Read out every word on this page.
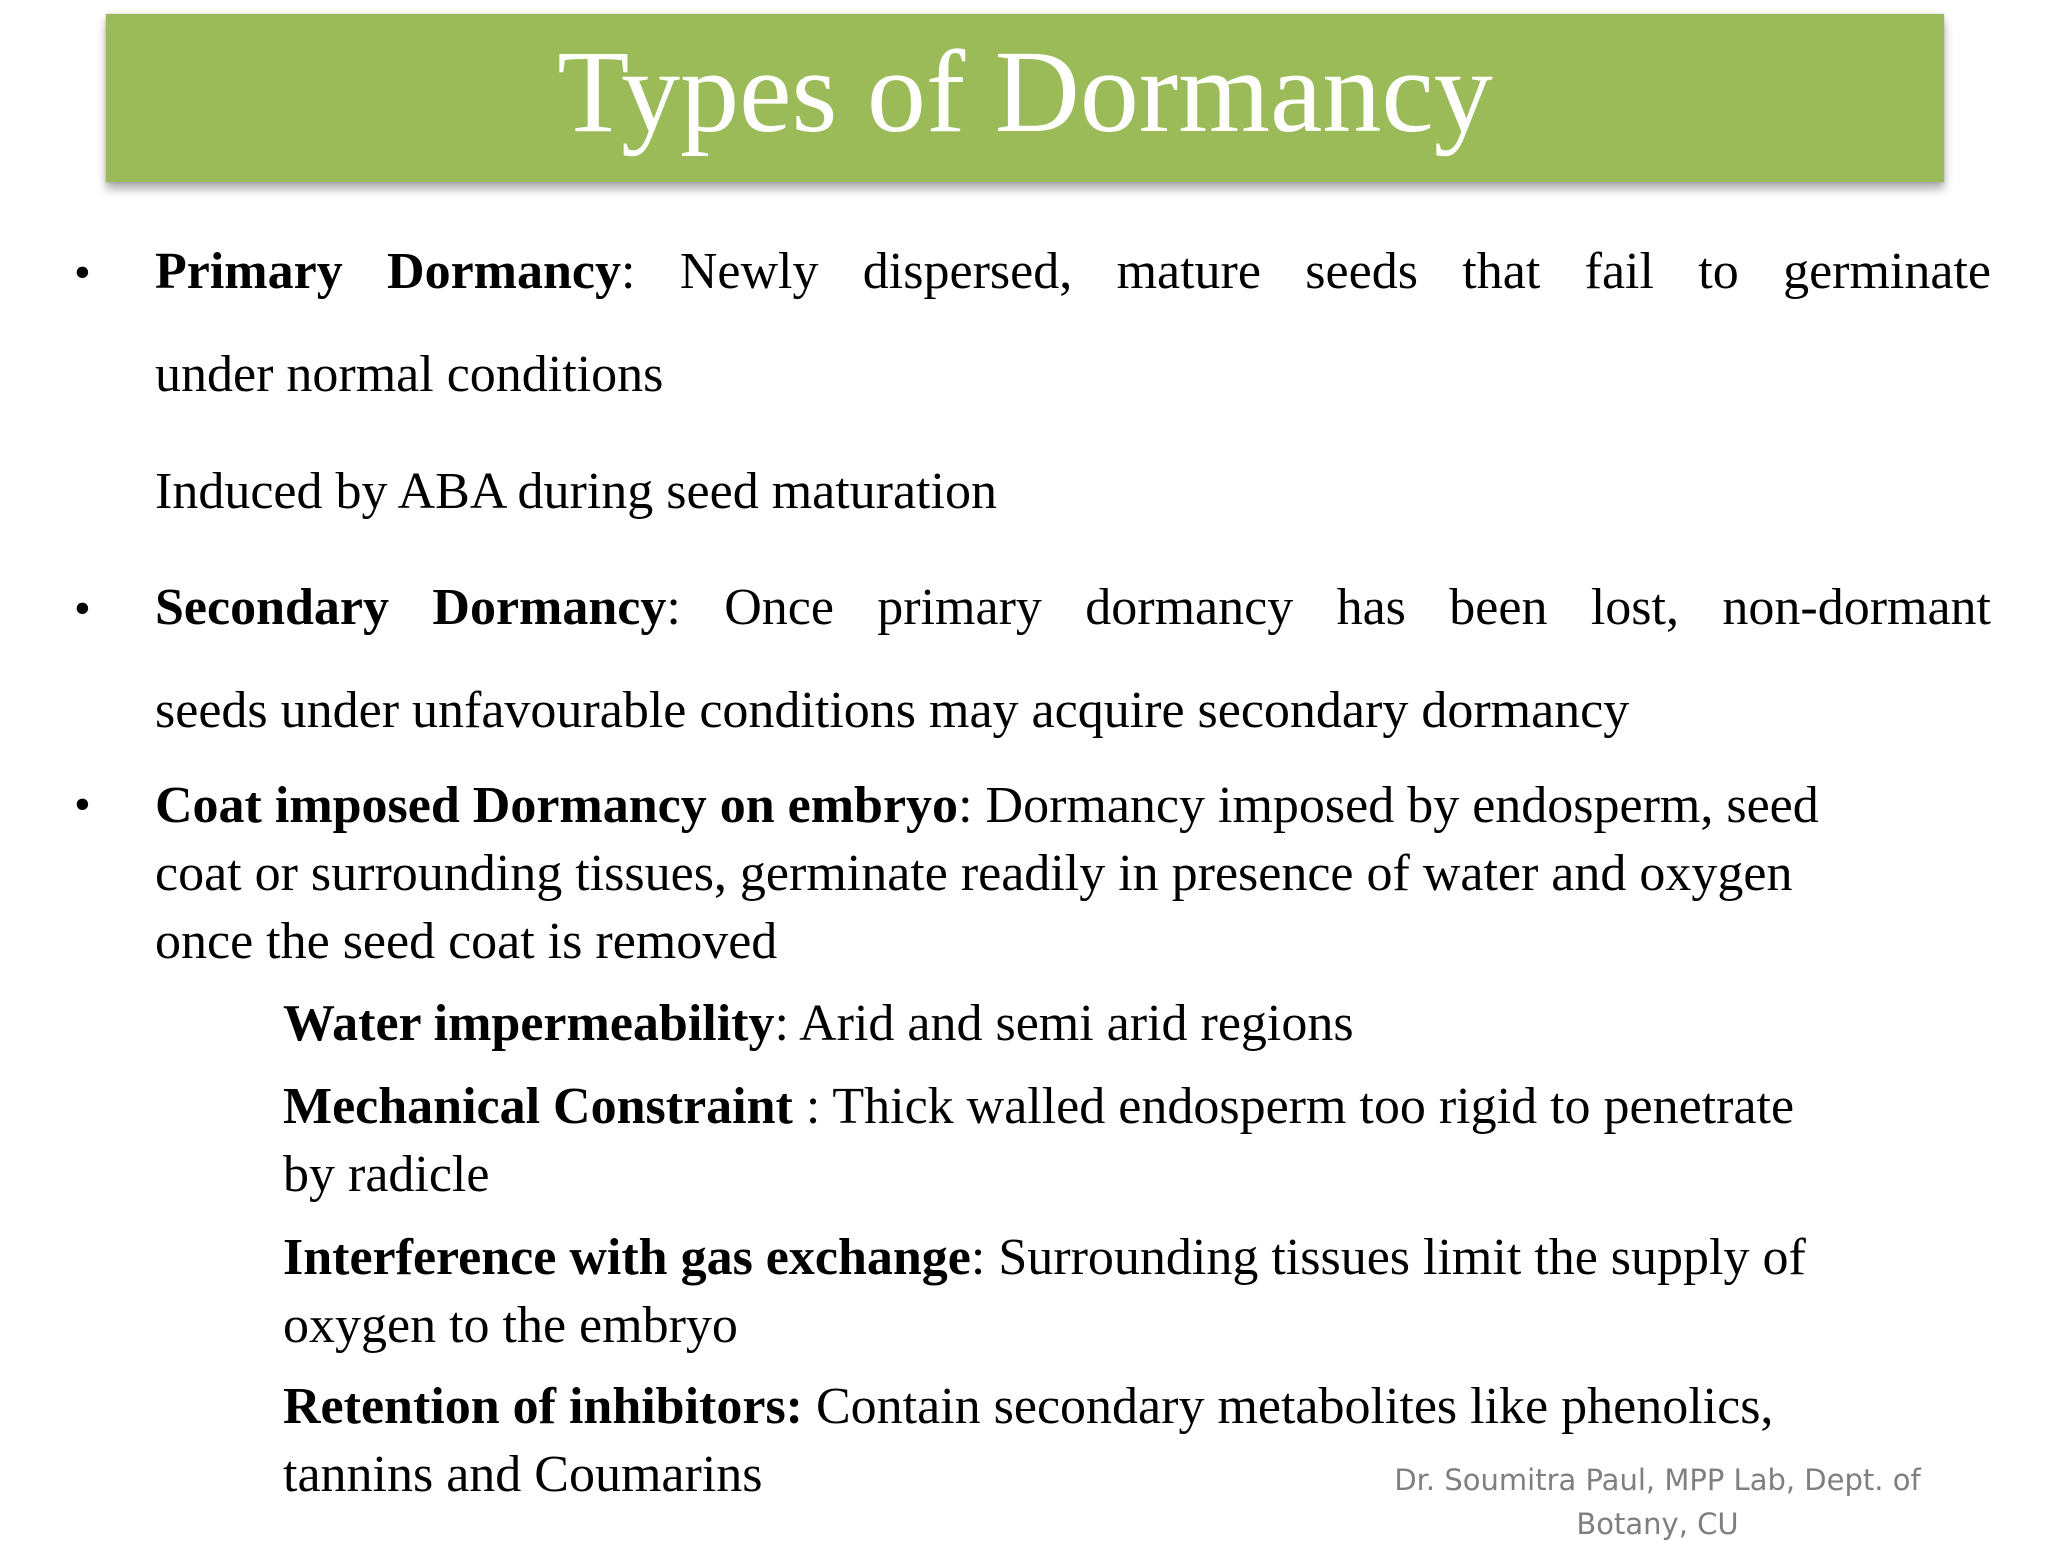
Types of Dormancy
• Primary Dormancy: Newly dispersed, mature seeds that fail to germinate
under normal conditions
Induced by ABA during seed maturation
• Secondary Dormancy: Once primary dormancy has been lost, non-dormant
seeds under unfavourable conditions may acquire secondary dormancy
• Coat imposed Dormancy on embryo: Dormancy imposed by endosperm, seed
coat or surrounding tissues, germinate readily in presence of water and oxygen
once the seed coat is removed
Water impermeability: Arid and semi arid regions
Mechanical Constraint : Thick walled endosperm too rigid to penetrate
by radicle
Interference with gas exchange: Surrounding tissues limit the supply of
oxygen to the embryo
Retention of inhibitors: Contain secondary metabolites like phenolics,
tannins and Coumarins	Dr. Soumitra Paul, MPP Lab, Dept. of
Botany, CU
